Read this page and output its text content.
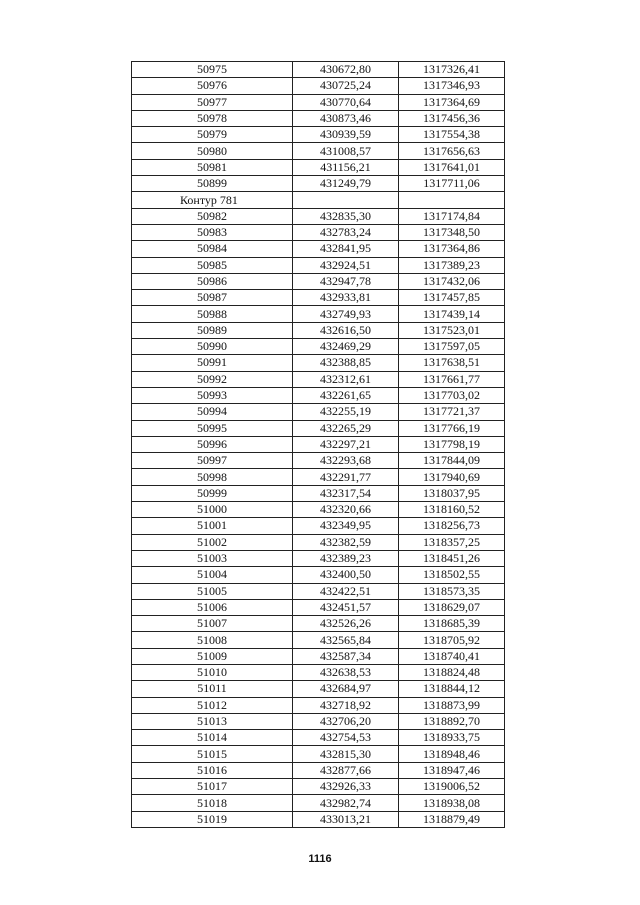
50975	430672,80	1317326,41
50976	430725,24	1317346,93
50977	430770,64	1317364,69
50978	430873,46	1317456,36
50979	430939,59	1317554,38
50980	431008,57	1317656,63
50981	431156,21	1317641,01
50899	431249,79	1317711,06
Контур 781		
50982	432835,30	1317174,84
50983	432783,24	1317348,50
50984	432841,95	1317364,86
50985	432924,51	1317389,23
50986	432947,78	1317432,06
50987	432933,81	1317457,85
50988	432749,93	1317439,14
50989	432616,50	1317523,01
50990	432469,29	1317597,05
50991	432388,85	1317638,51
50992	432312,61	1317661,77
50993	432261,65	1317703,02
50994	432255,19	1317721,37
50995	432265,29	1317766,19
50996	432297,21	1317798,19
50997	432293,68	1317844,09
50998	432291,77	1317940,69
50999	432317,54	1318037,95
51000	432320,66	1318160,52
51001	432349,95	1318256,73
51002	432382,59	1318357,25
51003	432389,23	1318451,26
51004	432400,50	1318502,55
51005	432422,51	1318573,35
51006	432451,57	1318629,07
51007	432526,26	1318685,39
51008	432565,84	1318705,92
51009	432587,34	1318740,41
51010	432638,53	1318824,48
51011	432684,97	1318844,12
51012	432718,92	1318873,99
51013	432706,20	1318892,70
51014	432754,53	1318933,75
51015	432815,30	1318948,46
51016	432877,66	1318947,46
51017	432926,33	1319006,52
51018	432982,74	1318938,08
51019	433013,21	1318879,49
1116
